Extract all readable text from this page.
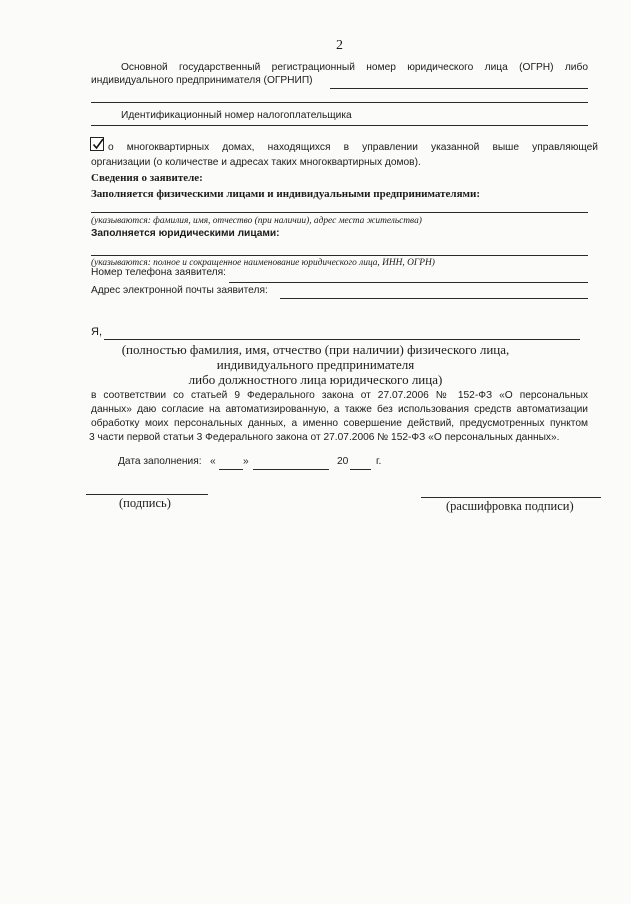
2
Основной государственный регистрационный номер юридического лица (ОГРН) либо
индивидуального предпринимателя (ОГРНИП)
Идентификационный номер налогоплательщика
о многоквартирных домах, находящихся в управлении указанной выше управляющей
организации (о количестве и адресах таких многоквартирных домов).
Сведения о заявителе:
Заполняется физическими лицами и индивидуальными предпринимателями:
(указываются: фамилия, имя, отчество (при наличии), адрес места жительства)
Заполняется юридическими лицами:
(указываются: полное и сокращенное наименование юридического лица, ИНН, ОГРН)
Номер телефона заявителя:
Адрес электронной почты заявителя:
Я,
(полностью фамилия, имя, отчество (при наличии) физического лица,
индивидуального предпринимателя
либо должностного лица юридического лица)
в соответствии со статьей 9 Федерального закона от 27.07.2006 № 152-ФЗ «О персональных
данных» даю согласие на автоматизированную, а также без использования средств автоматизации
обработку моих персональных данных, а именно совершение действий, предусмотренных пунктом
3 части первой статьи 3 Федерального закона от 27.07.2006 № 152-ФЗ «О персональных данных».
Дата заполнения: «	»	20	г.
(подпись)	(расшифровка подписи)
